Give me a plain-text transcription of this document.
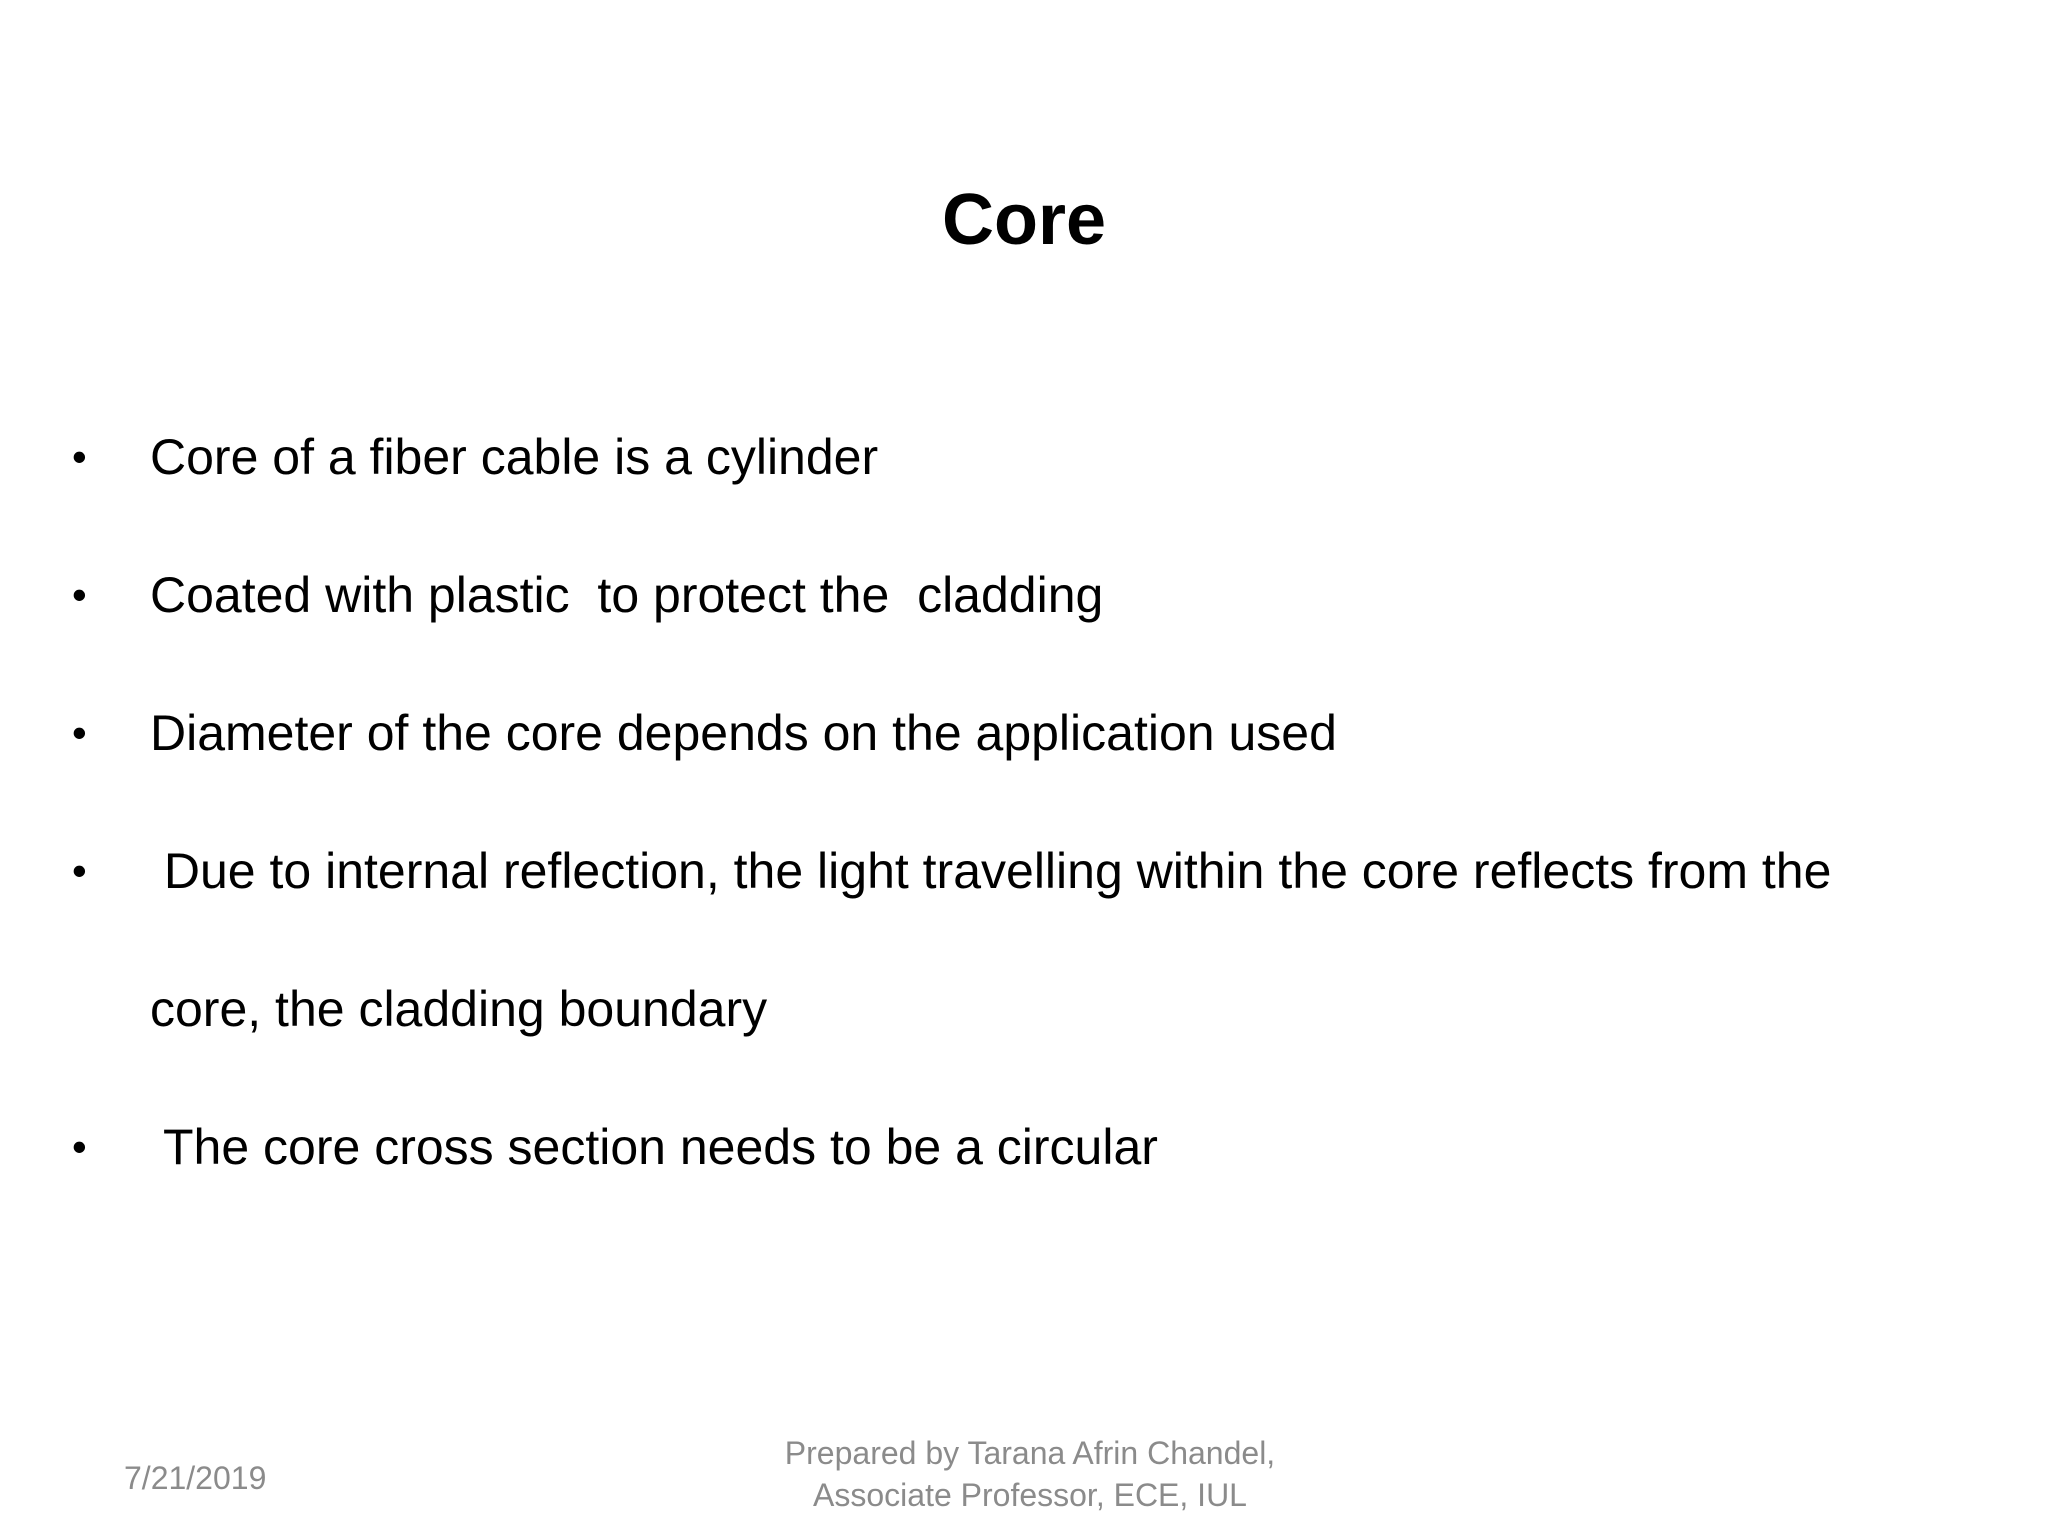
Core
• Core of a fiber cable is a cylinder
• Coated with plastic  to protect the  cladding
• Diameter of the core depends on the application used
• Due to internal reflection, the light travelling within the core reflects from the
core, the cladding boundary
• The core cross section needs to be a circular
7/21/2019
Prepared by Tarana Afrin Chandel,
Associate Professor, ECE, IUL
